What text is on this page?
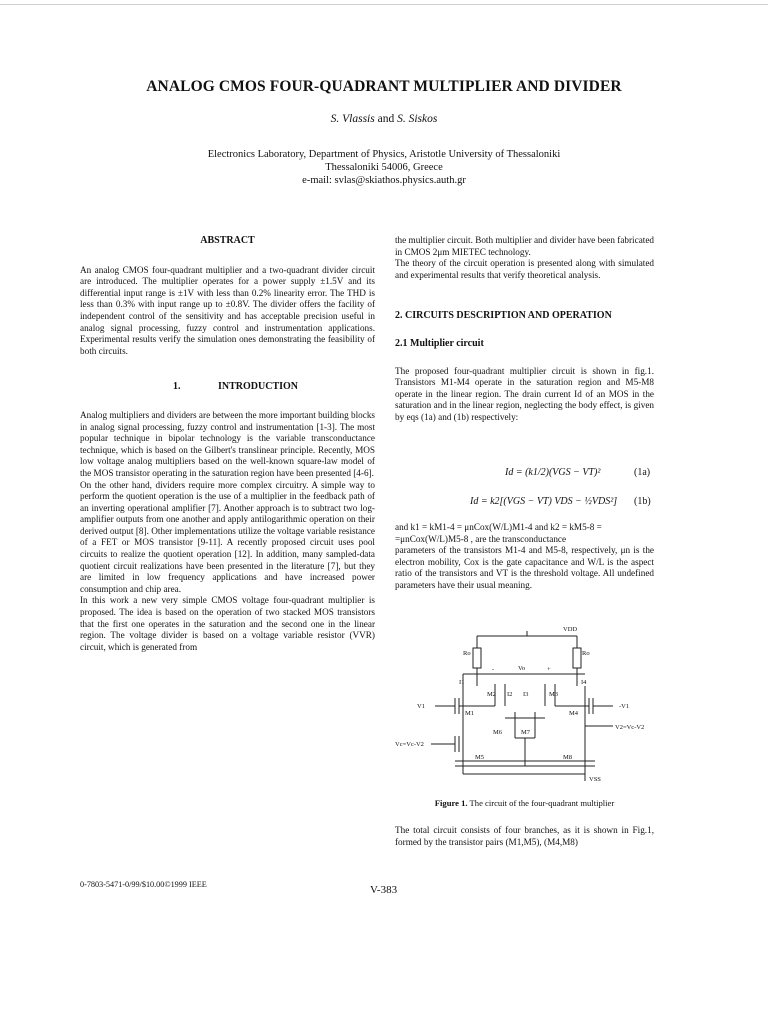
ANALOG CMOS FOUR-QUADRANT MULTIPLIER AND DIVIDER
S. Vlassis and S. Siskos
Electronics Laboratory, Department of Physics, Aristotle University of Thessaloniki
Thessaloniki 54006, Greece
e-mail: svlas@skiathos.physics.auth.gr
ABSTRACT

An analog CMOS four-quadrant multiplier and a two-quadrant divider circuit are introduced. The multiplier operates for a power supply ±1.5V and its differential input range is ±1V with less than 0.2% linearity error. The THD is less than 0.3% with input range up to ±0.8V. The divider offers the facility of independent control of the sensitivity and has acceptable precision useful in analog signal processing, fuzzy control and instrumentation applications. Experimental results verify the simulation ones demonstrating the feasibility of both circuits.

1.	INTRODUCTION

Analog multipliers and dividers are between the more important building blocks in analog signal processing, fuzzy control and instrumentation [1-3]. The most popular technique in bipolar technology is the variable transconductance technique, which is based on the Gilbert's translinear principle. Recently, MOS low voltage analog multipliers based on the well-known square-law model of the MOS transistor operating in the saturation region have been presented [4-6].

On the other hand, dividers require more complex circuitry. A simple way to perform the quotient operation is the use of a multiplier in the feedback path of an inverting operational amplifier [7]. Another approach is to subtract two log-amplifier outputs from one another and apply antilogarithmic operation on their derived output [8]. Other implementations utilize the voltage variable resistance of a FET or MOS transistor [9-11]. A recently proposed circuit uses pool circuits to realize the quotient operation [12]. In addition, many sampled-data quotient circuit realizations have been presented in the literature [7], but they are limited in low frequency applications and have increased power consumption and chip area.

In this work a new very simple CMOS voltage four-quadrant multiplier is proposed. The idea is based on the operation of two stacked MOS transistors that the first one operates in the saturation and the second one in the linear region. The voltage divider is based on a voltage variable resistor (VVR) circuit, which is generated from

the multiplier circuit. Both multiplier and divider have been fabricated in CMOS 2μm MIETEC technology.

The theory of the circuit operation is presented along with simulated and experimental results that verify theoretical analysis.

2. CIRCUITS DESCRIPTION AND OPERATION
2.1 Multiplier circuit

The proposed four-quadrant multiplier circuit is shown in fig.1. Transistors M1-M4 operate in the saturation region and M5-M8 operate in the linear region. The drain current Id of an MOS in the saturation and in the linear region, neglecting the body effect, is given by eqs (1a) and (1b) respectively:

Id = (k1/2)(VGS − VT)²	(1a)
Id = k2[(VGS − VT) VDS − ½VDS²] (1b)

and k1 = kM1-4 = μnCox(W/L)M1-4 and k2 = kM5-8 =

=μnCox(W/L)M5-8 , are the transconductance

parameters of the transistors M1-4 and M5-8, respectively, μn is the electron mobility, Cox is the gate capacitance and W/L is the aspect ratio of the transistors and VT is the threshold voltage. All undefined parameters have their usual meaning.

VDD
Ro	Ro
-	Vo	+
I1
I2 I3
I4
M2	M3
V1
M1	M4
-V1
M6	M7
V2=Vc-V2
Vc=Vc-V2
M5	M8
VSS
Figure 1. The circuit of the four-quadrant multiplier

The total circuit consists of four branches, as it is shown in Fig.1, formed by the transistor pairs (M1,M5), (M4,M8)

0-7803-5471-0/99/$10.00©1999 IEEE	V-383
